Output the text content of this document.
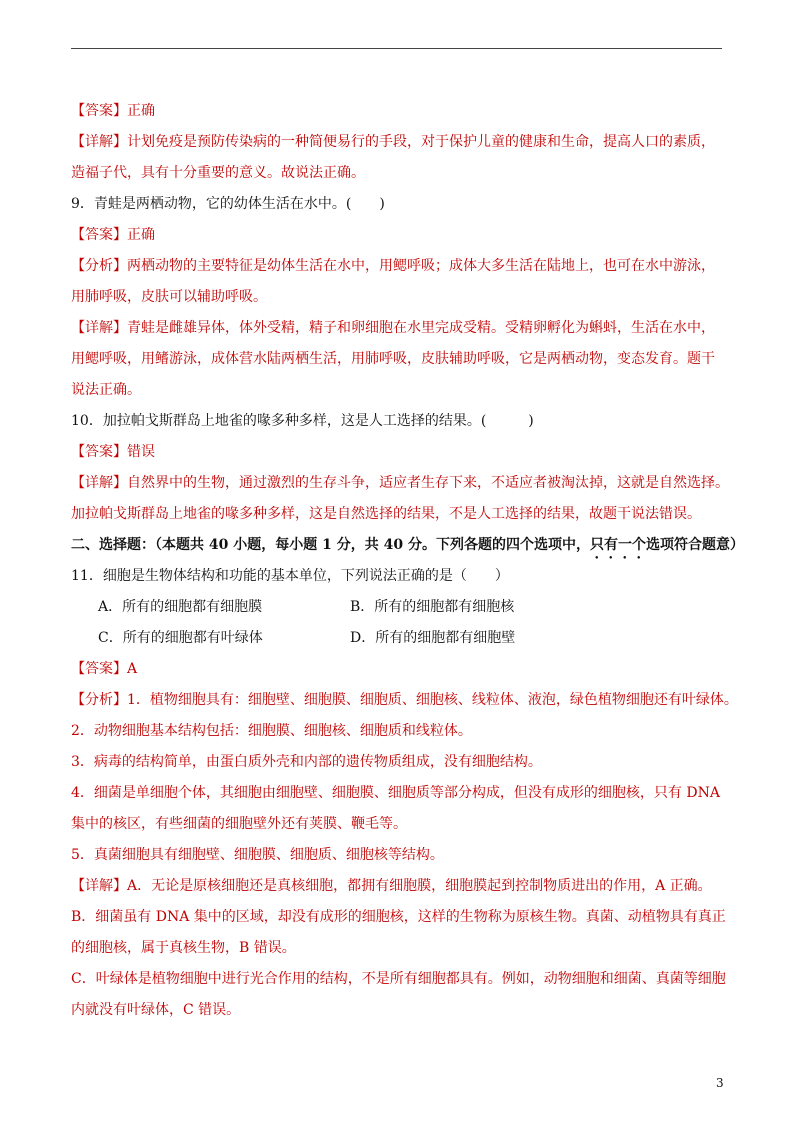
【答案】正确
【详解】计划免疫是预防传染病的一种简便易行的手段，对于保护儿童的健康和生命，提高人口的素质，
造福子代，具有十分重要的意义。故说法正确。
9．青蛙是两栖动物，它的幼体生活在水中。(　　)
【答案】正确
【分析】两栖动物的主要特征是幼体生活在水中，用鳃呼吸；成体大多生活在陆地上，也可在水中游泳，
用肺呼吸，皮肤可以辅助呼吸。
【详解】青蛙是雌雄异体，体外受精，精子和卵细胞在水里完成受精。受精卵孵化为蝌蚪，生活在水中，
用鳃呼吸，用鳍游泳，成体营水陆两栖生活，用肺呼吸，皮肤辅助呼吸，它是两栖动物，变态发育。题干
说法正确。
10．加拉帕戈斯群岛上地雀的喙多种多样，这是人工选择的结果。(　　　)
【答案】错误
【详解】自然界中的生物，通过激烈的生存斗争，适应者生存下来，不适应者被淘汰掉，这就是自然选择。
加拉帕戈斯群岛上地雀的喙多种多样，这是自然选择的结果，不是人工选择的结果，故题干说法错误。
二、选择题：（本题共 40 小题，每小题 1 分，共 40 分。下列各题的四个选项中，只有一个选项符合题意）
11．细胞是生物体结构和功能的基本单位，下列说法正确的是（　　）
A．所有的细胞都有细胞膜	B．所有的细胞都有细胞核
C．所有的细胞都有叶绿体	D．所有的细胞都有细胞壁
【答案】A
【分析】1．植物细胞具有：细胞壁、细胞膜、细胞质、细胞核、线粒体、液泡，绿色植物细胞还有叶绿体。
2．动物细胞基本结构包括：细胞膜、细胞核、细胞质和线粒体。
3．病毒的结构简单，由蛋白质外壳和内部的遗传物质组成，没有细胞结构。
4．细菌是单细胞个体，其细胞由细胞壁、细胞膜、细胞质等部分构成，但没有成形的细胞核，只有 DNA
集中的核区，有些细菌的细胞壁外还有荚膜、鞭毛等。
5．真菌细胞具有细胞壁、细胞膜、细胞质、细胞核等结构。
【详解】A．无论是原核细胞还是真核细胞，都拥有细胞膜，细胞膜起到控制物质进出的作用，A 正确。
B．细菌虽有 DNA 集中的区域，却没有成形的细胞核，这样的生物称为原核生物。真菌、动植物具有真正
的细胞核，属于真核生物，B 错误。
C．叶绿体是植物细胞中进行光合作用的结构，不是所有细胞都具有。例如，动物细胞和细菌、真菌等细胞
内就没有叶绿体，C 错误。
3
